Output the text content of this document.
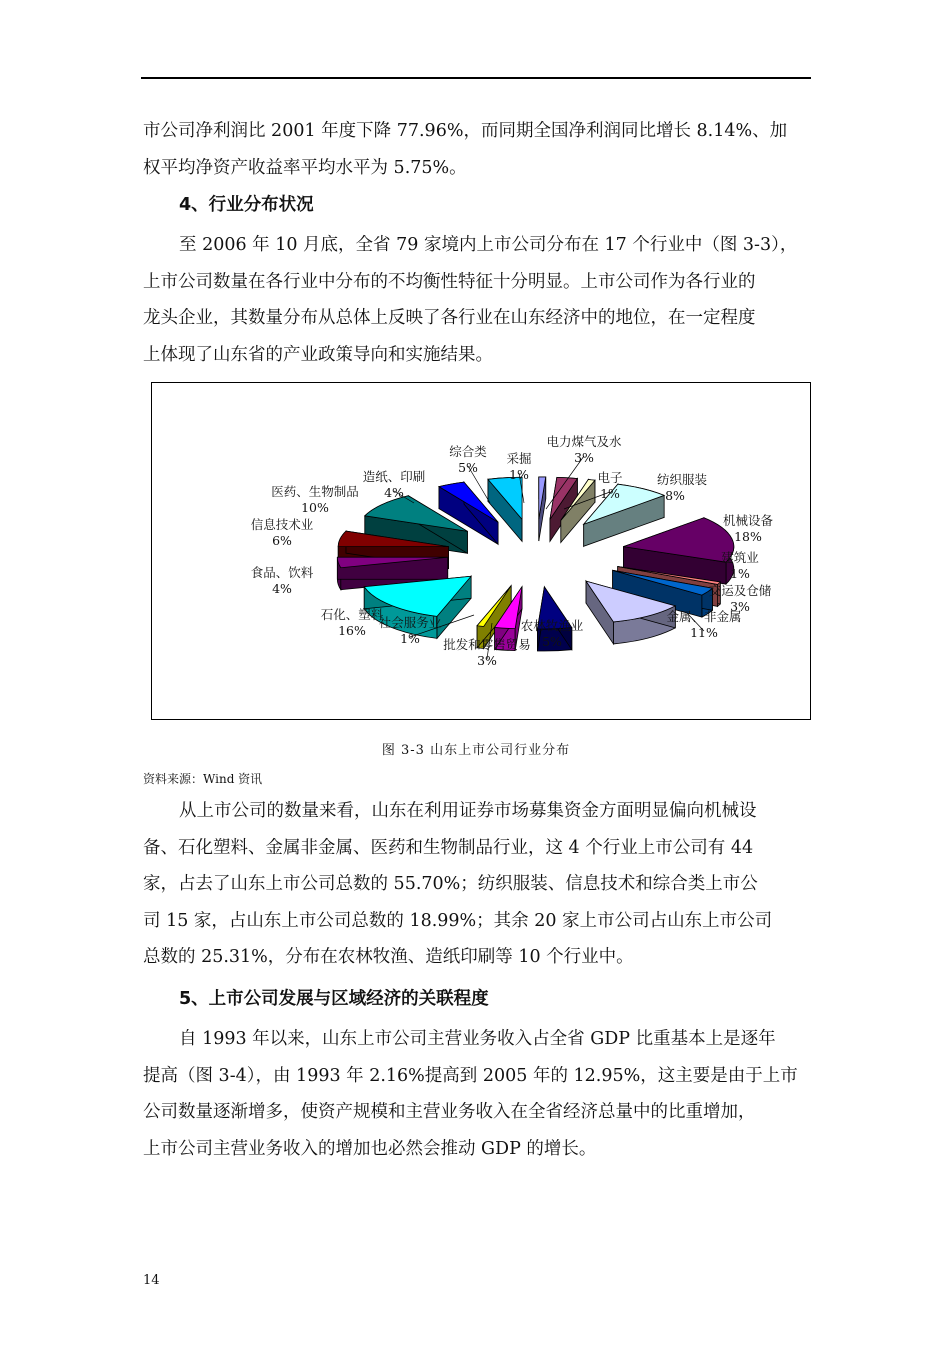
市公司净利润比 2001 年度下降 77.96%，而同期全国净利润同比增长 8.14%、加
权平均净资产收益率平均水平为 5.75%。

4、行业分布状况

至 2006 年 10 月底，全省 79 家境内上市公司分布在 17 个行业中（图 3-3），
上市公司数量在各行业中分布的不均衡性特征十分明显。上市公司作为各行业的
龙头企业，其数量分布从总体上反映了各行业在山东经济中的地位，在一定程度
上体现了山东省的产业政策导向和实施结果。

采掘
1%
电力煤气及水
3%
电子
1%
纺织服装
8%
机械设备
18%
建筑业
1%
交运及仓储
3%
金属、非金属
11%
农林牧渔业
5%
批发和零售贸易
3%
社会服务业
1%
石化、塑料
16%
食品、饮料
4%
信息技术业
6%
医药、生物制品
10%
造纸、印刷
4%
综合类
5%
图 3-3 山东上市公司行业分布
资料来源：Wind 资讯

从上市公司的数量来看，山东在利用证券市场募集资金方面明显偏向机械设
备、石化塑料、金属非金属、医药和生物制品行业，这 4 个行业上市公司有 44
家，占去了山东上市公司总数的 55.70%；纺织服装、信息技术和综合类上市公
司 15 家，占山东上市公司总数的 18.99%；其余 20 家上市公司占山东上市公司
总数的 25.31%，分布在农林牧渔、造纸印刷等 10 个行业中。

5、上市公司发展与区域经济的关联程度

自 1993 年以来，山东上市公司主营业务收入占全省 GDP 比重基本上是逐年
提高（图 3-4），由 1993 年 2.16%提高到 2005 年的 12.95%，这主要是由于上市
公司数量逐渐增多，使资产规模和主营业务收入在全省经济总量中的比重增加，
上市公司主营业务收入的增加也必然会推动 GDP 的增长。

14
